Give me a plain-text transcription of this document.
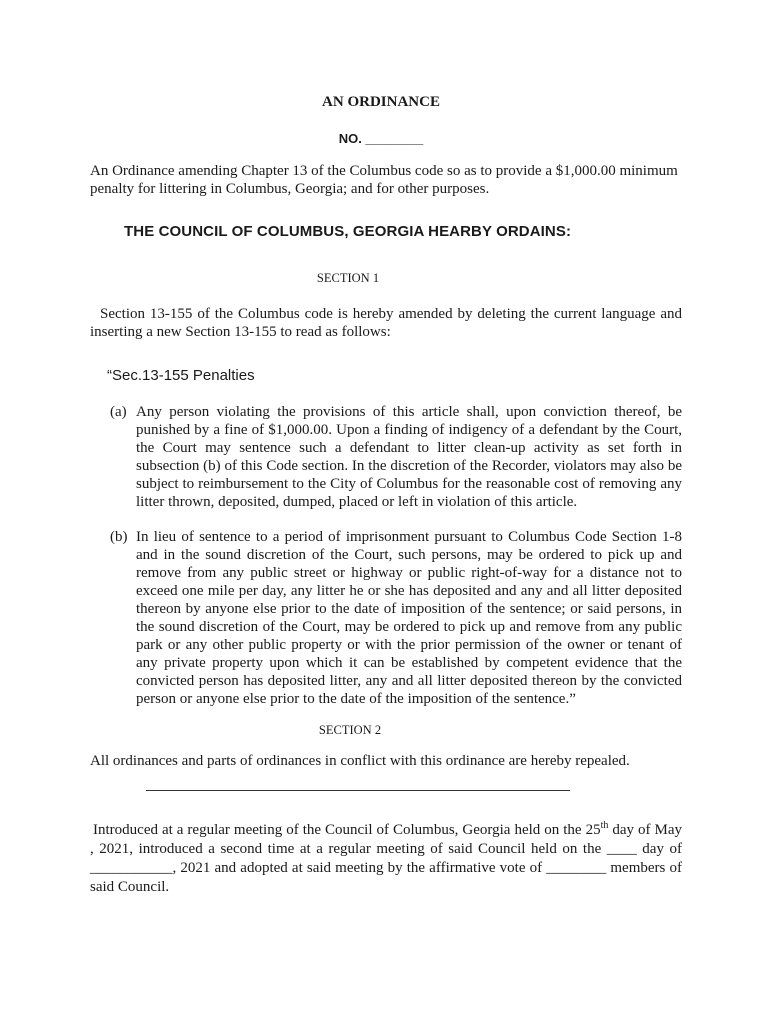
AN ORDINANCE

NO. ________

An Ordinance amending Chapter 13 of the Columbus code so as to provide a $1,000.00 minimum penalty for littering in Columbus, Georgia; and for other purposes.

THE COUNCIL OF COLUMBUS, GEORGIA HEARBY ORDAINS:

SECTION 1

Section 13-155 of the Columbus code is hereby amended by deleting the current language and inserting a new Section 13-155 to read as follows:

“Sec.13-155 Penalties

(a) Any person violating the provisions of this article shall, upon conviction thereof, be punished by a fine of $1,000.00. Upon a finding of indigency of a defendant by the Court, the Court may sentence such a defendant to litter clean-up activity as set forth in subsection (b) of this Code section. In the discretion of the Recorder, violators may also be subject to reimbursement to the City of Columbus for the reasonable cost of removing any litter thrown, deposited, dumped, placed or left in violation of this article.
(b) In lieu of sentence to a period of imprisonment pursuant to Columbus Code Section 1-8 and in the sound discretion of the Court, such persons, may be ordered to pick up and remove from any public street or highway or public right-of-way for a distance not to exceed one mile per day, any litter he or she has deposited and any and all litter deposited thereon by anyone else prior to the date of imposition of the sentence; or said persons, in the sound discretion of the Court, may be ordered to pick up and remove from any public park or any other public property or with the prior permission of the owner or tenant of any private property upon which it can be established by competent evidence that the convicted person has deposited litter, any and all litter deposited thereon by the convicted person or anyone else prior to the date of the imposition of the sentence.”

SECTION 2

All ordinances and parts of ordinances in conflict with this ordinance are hereby repealed.

Introduced at a regular meeting of the Council of Columbus, Georgia held on the 25th day of May , 2021, introduced a second time at a regular meeting of said Council held on the ____ day of ___________, 2021 and adopted at said meeting by the affirmative vote of ________ members of said Council.
